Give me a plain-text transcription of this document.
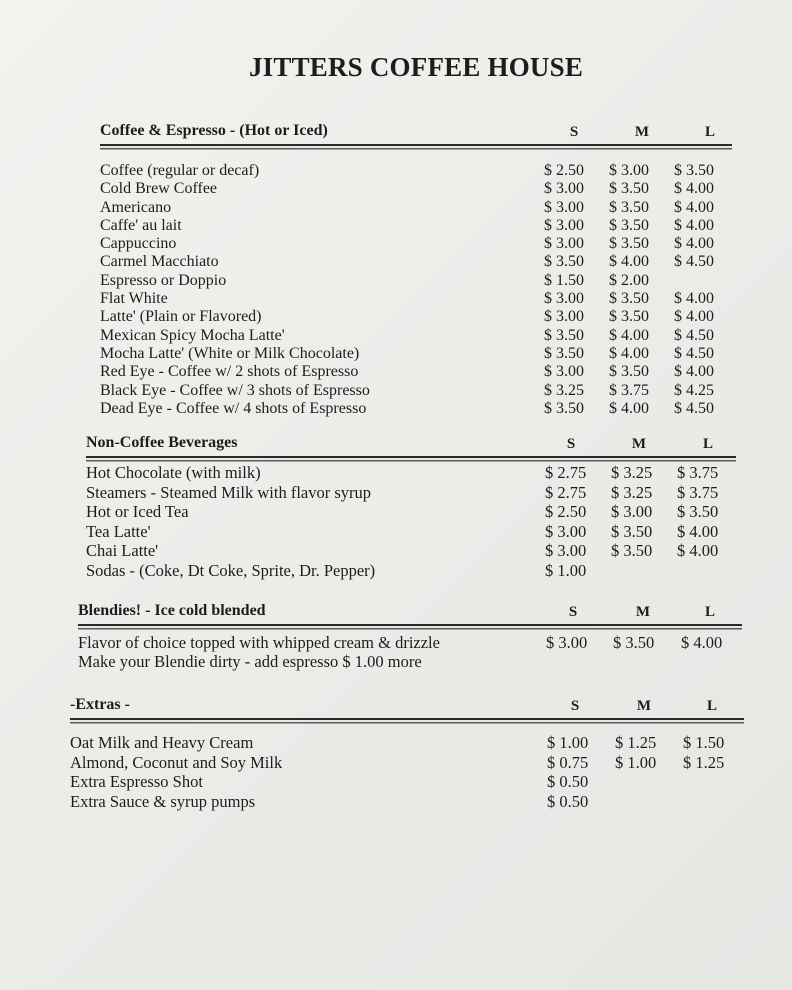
JITTERS COFFEE HOUSE
Coffee & Espresso - (Hot or Iced)	S	M	L
Coffee (regular or decaf)	$ 2.50 $ 3.00 $ 3.50
Cold Brew Coffee	$ 3.00 $ 3.50 $ 4.00
Americano	$ 3.00 $ 3.50 $ 4.00
Caffe' au lait	$ 3.00 $ 3.50 $ 4.00
Cappuccino	$ 3.00 $ 3.50 $ 4.00
Carmel Macchiato	$ 3.50 $ 4.00 $ 4.50
Espresso or Doppio	$ 1.50 $ 2.00
Flat White	$ 3.00 $ 3.50 $ 4.00
Latte' (Plain or Flavored)	$ 3.00 $ 3.50 $ 4.00
Mexican Spicy Mocha Latte'	$ 3.50 $ 4.00 $ 4.50
Mocha Latte' (White or Milk Chocolate)	$ 3.50 $ 4.00 $ 4.50
Red Eye - Coffee w/ 2 shots of Espresso	$ 3.00 $ 3.50 $ 4.00
Black Eye - Coffee w/ 3 shots of Espresso	$ 3.25 $ 3.75 $ 4.25
Dead Eye - Coffee w/ 4 shots of Espresso	$ 3.50 $ 4.00 $ 4.50
Non-Coffee Beverages	S	M	L
Hot Chocolate (with milk)	$ 2.75 $ 3.25 $ 3.75
Steamers - Steamed Milk with flavor syrup	$ 2.75 $ 3.25 $ 3.75
Hot or Iced Tea	$ 2.50 $ 3.00 $ 3.50
Tea Latte'	$ 3.00 $ 3.50 $ 4.00
Chai Latte'	$ 3.00 $ 3.50 $ 4.00
Sodas - (Coke, Dt Coke, Sprite, Dr. Pepper)	$ 1.00
Blendies! - Ice cold blended	S	M	L
Flavor of choice topped with whipped cream & drizzle	$ 3.00 $ 3.50 $ 4.00
Make your Blendie dirty - add espresso $ 1.00 more
-Extras -	S	M	L
Oat Milk and Heavy Cream	$ 1.00 $ 1.25 $ 1.50
Almond, Coconut and Soy Milk	$ 0.75 $ 1.00 $ 1.25
Extra Espresso Shot	$ 0.50
Extra Sauce & syrup pumps	$ 0.50
